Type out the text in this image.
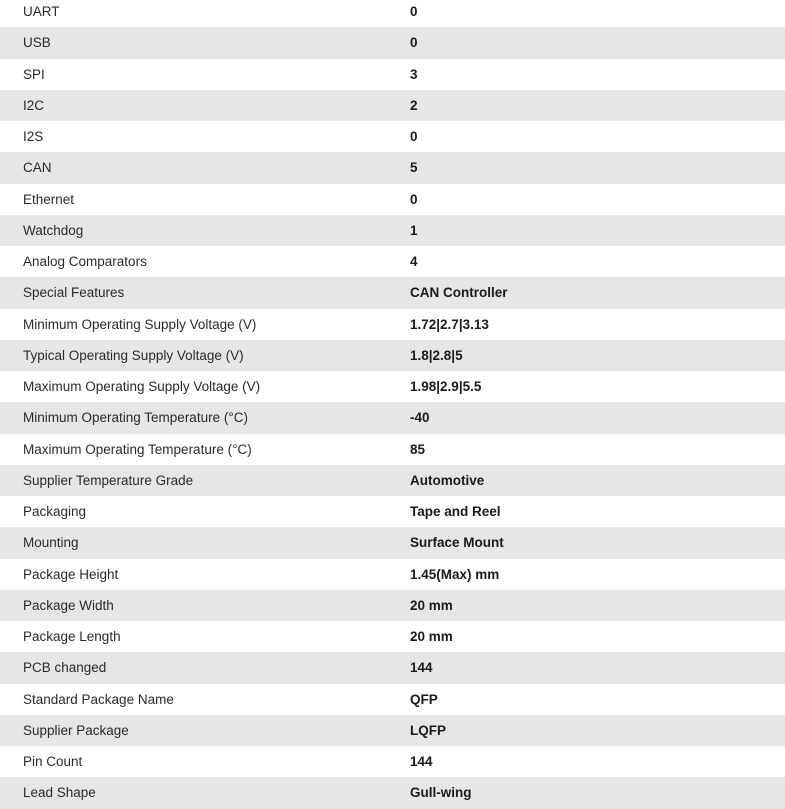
UART	0
USB	0
SPI	3
I2C	2
I2S	0
CAN	5
Ethernet	0
Watchdog	1
Analog Comparators	4
Special Features	CAN Controller
Minimum Operating Supply Voltage (V)	1.72|2.7|3.13
Typical Operating Supply Voltage (V)	1.8|2.8|5
Maximum Operating Supply Voltage (V)	1.98|2.9|5.5
Minimum Operating Temperature (°C)	-40
Maximum Operating Temperature (°C)	85
Supplier Temperature Grade	Automotive
Packaging	Tape and Reel
Mounting	Surface Mount
Package Height	1.45(Max) mm
Package Width	20 mm
Package Length	20 mm
PCB changed	144
Standard Package Name	QFP
Supplier Package	LQFP
Pin Count	144
Lead Shape	Gull-wing
